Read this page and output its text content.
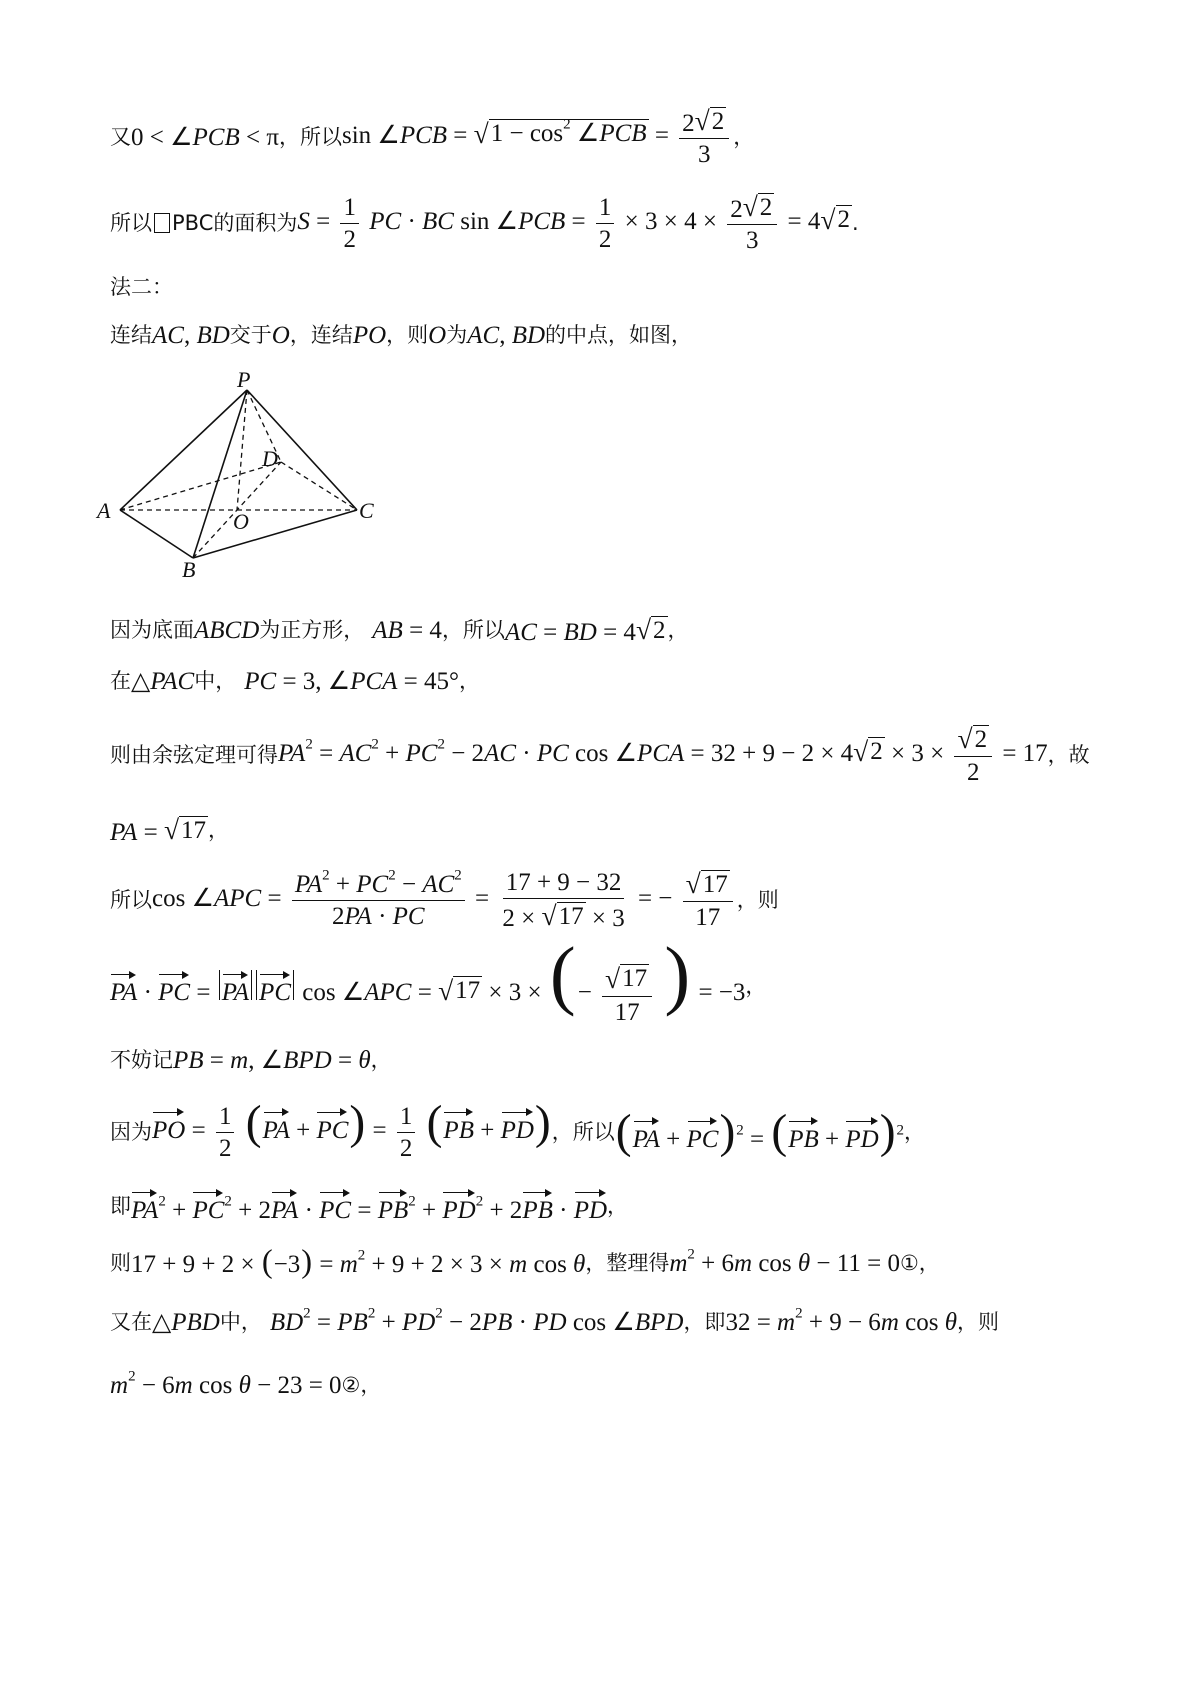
又 0 < ∠PCB < π ，所以 sin ∠PCB = √ $1 - \cos^2$ ∠PCB = $\frac{2 √ 2}{3}$ ，
所以 PBC 的面积为 $S = \frac{1}{2}$ PC · BC sin ∠PCB = $\frac{1}{2} \times 3 \times 4 \times \frac{2 √ 2}{3} = 4$ √ 2 .
法二：
连结 AC, BD 交于 O ，连结 PO ，则 O 为 AC, BD 的中点，如图，
P
D
A	O	C
B
因为底面 ABCD 为正方形， AB = 4 ，所以 AC = BD = 4 √ 2 ，
在 △PAC 中， PC = 3, ∠PCA = 45° ，
则由余弦定理可得 $PA^2 = AC^2 + PC^2 - 2AC$ · PC cos ∠PCA = 32 + 9 − 2 × 4 √ $2 \times 3 \times \frac{√ 2}{2} = 17$ ，故
PA = √ 17 ，
所以 cos ∠APC = $\frac{PA^2 + PC^2 - AC^2}{2PA \cdot PC} = \frac{17 + 9 - 32}{2 \times √ 17 \times 3}$ = − $\frac{√ 17}{17}$ ，则
PA · PC = PA PC cos ∠APC = √ 17 × 3 × (− $\frac{√ 17}{17}$ ) = −3 ，
不妨记 PB = m, ∠BPD = θ ，
因为 PO = $\frac{1}{2} (PA + PC) = \frac{1}{2} (PB + PD)$ ，所以 (PA + PC)$^2$ = (PB + PD)$^2$ ，
即 $PA^2 + PC^2 + 2PA$ · PC = $PB^2 + PD^2 + 2PB$ · PD ，
则 $17 + 9 + 2 \times (-3) = m^2 + 9 + 2 \times 3 \times m$ cos θ ，整理得 $m^2 + 6m$ cos θ − 11 = 0 ① ，
又在 △PBD 中， $BD^2 = PB^2 + PD^2 - 2PB$ · PD cos ∠BPD ，即 $32 = m^2 + 9 - 6m$ cos θ ，则
$m^2 - 6m$ cos θ − 23 = 0 ② ，
